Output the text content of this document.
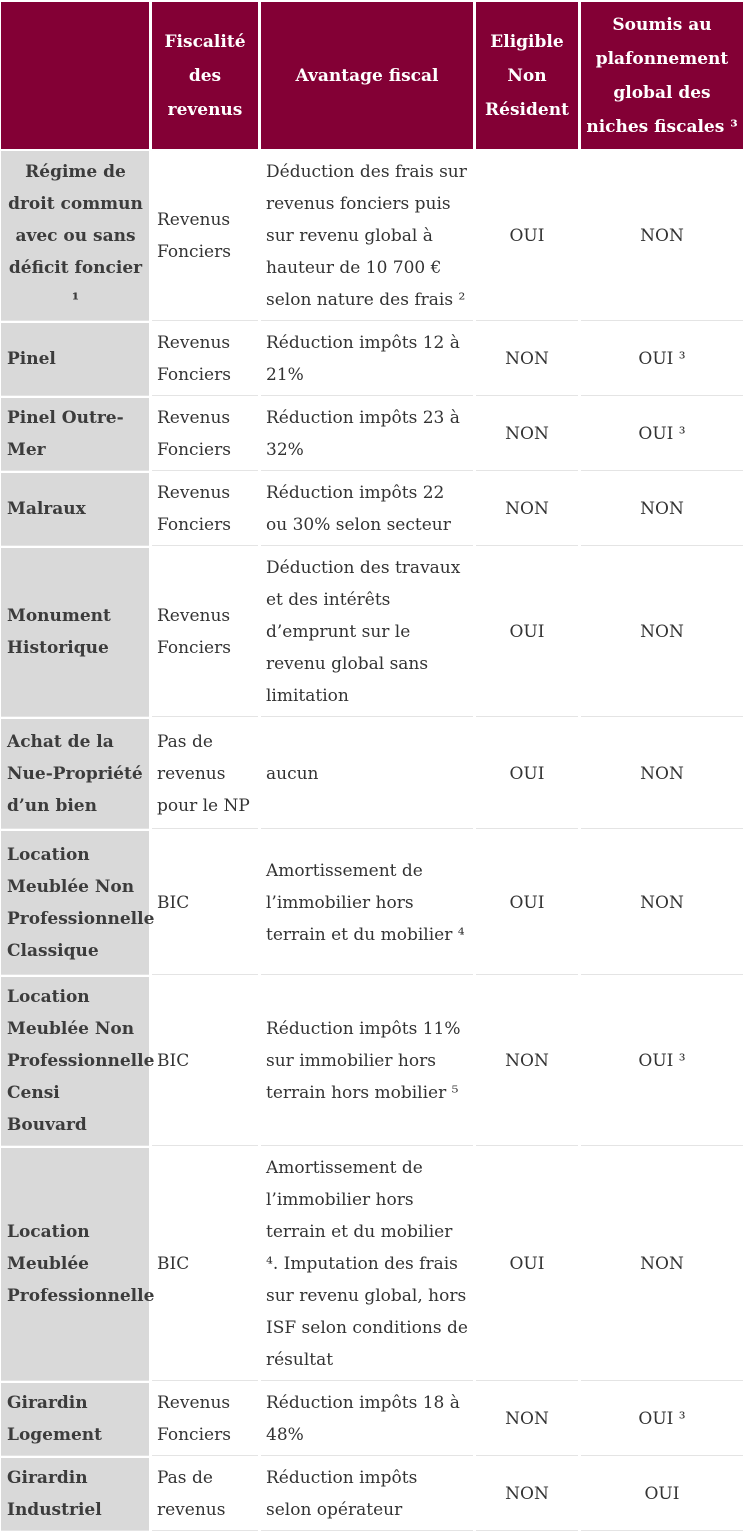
	Fiscalité des revenus	Avantage fiscal	Eligible Non Résident	Soumis au plafonnement global des niches fiscales ³
Régime de droit commun avec ou sans déficit foncier ¹	Revenus Fonciers	Déduction des frais sur revenus fonciers puis sur revenu global à hauteur de 10 700 € selon nature des frais ²	OUI	NON
Pinel	Revenus Fonciers	Réduction impôts 12 à 21%	NON	OUI ³
Pinel Outre-Mer	Revenus Fonciers	Réduction impôts 23 à 32%	NON	OUI ³
Malraux	Revenus Fonciers	Réduction impôts 22 ou 30% selon secteur	NON	NON
Monument Historique	Revenus Fonciers	Déduction des travaux et des intérêts d’emprunt sur le revenu global sans limitation	OUI	NON
Achat de la Nue-Propriété d’un bien	Pas de revenus pour le NP	aucun	OUI	NON
Location Meublée Non Professionnelle Classique	BIC	Amortissement de l’immobilier hors terrain et du mobilier ⁴	OUI	NON
Location Meublée Non Professionnelle Censi Bouvard	BIC	Réduction impôts 11% sur immobilier hors terrain hors mobilier ⁵	NON	OUI ³
Location Meublée Professionnelle	BIC	Amortissement de l’immobilier hors terrain et du mobilier ⁴. Imputation des frais sur revenu global, hors ISF selon conditions de résultat	OUI	NON
Girardin Logement	Revenus Fonciers	Réduction impôts 18 à 48%	NON	OUI ³
Girardin Industriel	Pas de revenus	Réduction impôts selon opérateur	NON	OUI
